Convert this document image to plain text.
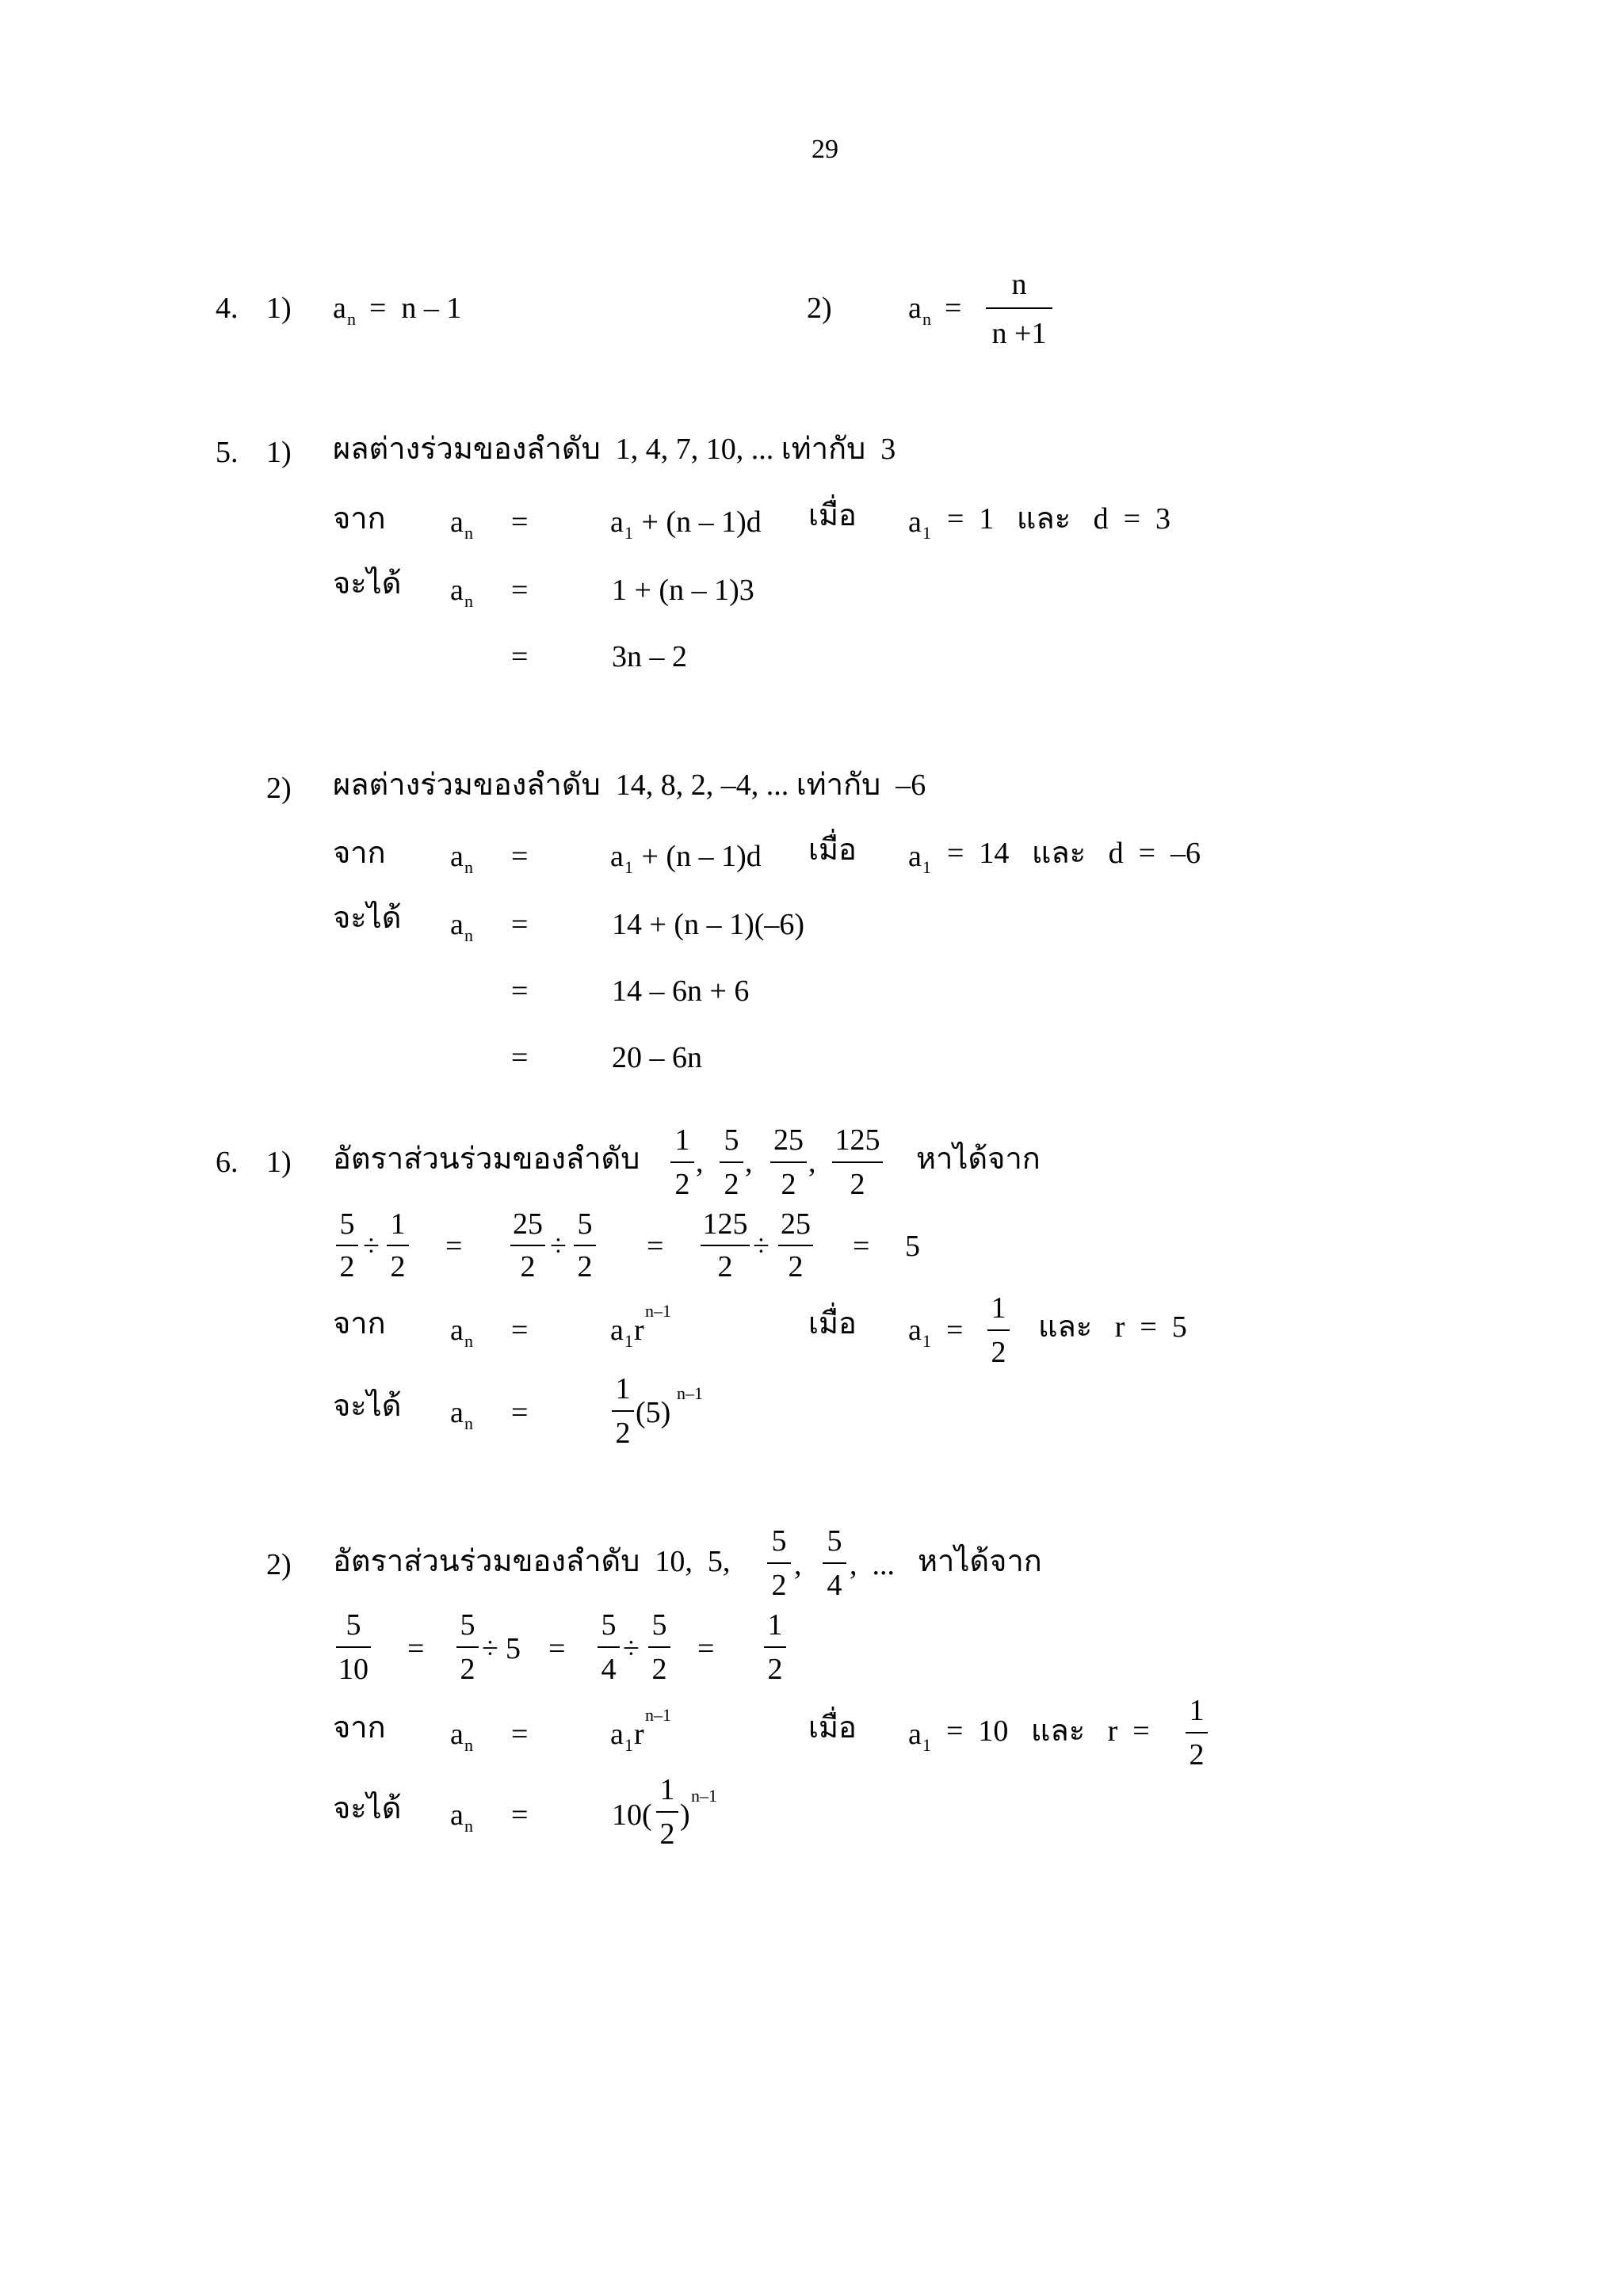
29
4. 1) a n =  n – 1	2)	a n =
n
n +1
5. 1) ผลต่างร่วมของลำดับ  1, 4, 7, 10, ... เท่ากับ  3
จาก a n =	a 1 + (n – 1)d เมื่อ a 1 =  1   และ   d  =  3
จะได้ a n =	1 + (n – 1)3
=	3n – 2
2) ผลต่างร่วมของลำดับ  14, 8, 2, –4, ... เท่ากับ  –6
จาก a n =	a 1 + (n – 1)d เมื่อ a 1 =  14   และ   d  =  –6
จะได้ a n =	14 + (n – 1)(–6)
=	14 – 6n + 6
=	20 – 6n
6. 1) อัตราส่วนร่วมของลำดับ
1
2
,
5
2
,
25
2
,
125
2
หาได้จาก
5
2
÷
1
2
=
25
2
÷
5
2
=
125
2
÷
25
2
= 5
จาก a n =	a 1 r
n–1	เมื่อ a 1 =
1
2
และ   r  =  5
จะได้ a n =
1
2
(5)
n–1
2) อัตราส่วนร่วมของลำดับ  10,  5,
5
2
,
5
4
,  ... หาได้จาก
5
10
=
5
2
÷ 5 =
5
4
÷
5
2
=
1
2
จาก a n =	a 1 r
n–1	เมื่อ a 1 =  10   และ   r  =
1
2
จะได้ a n =	10(
1
2
)
n–1
